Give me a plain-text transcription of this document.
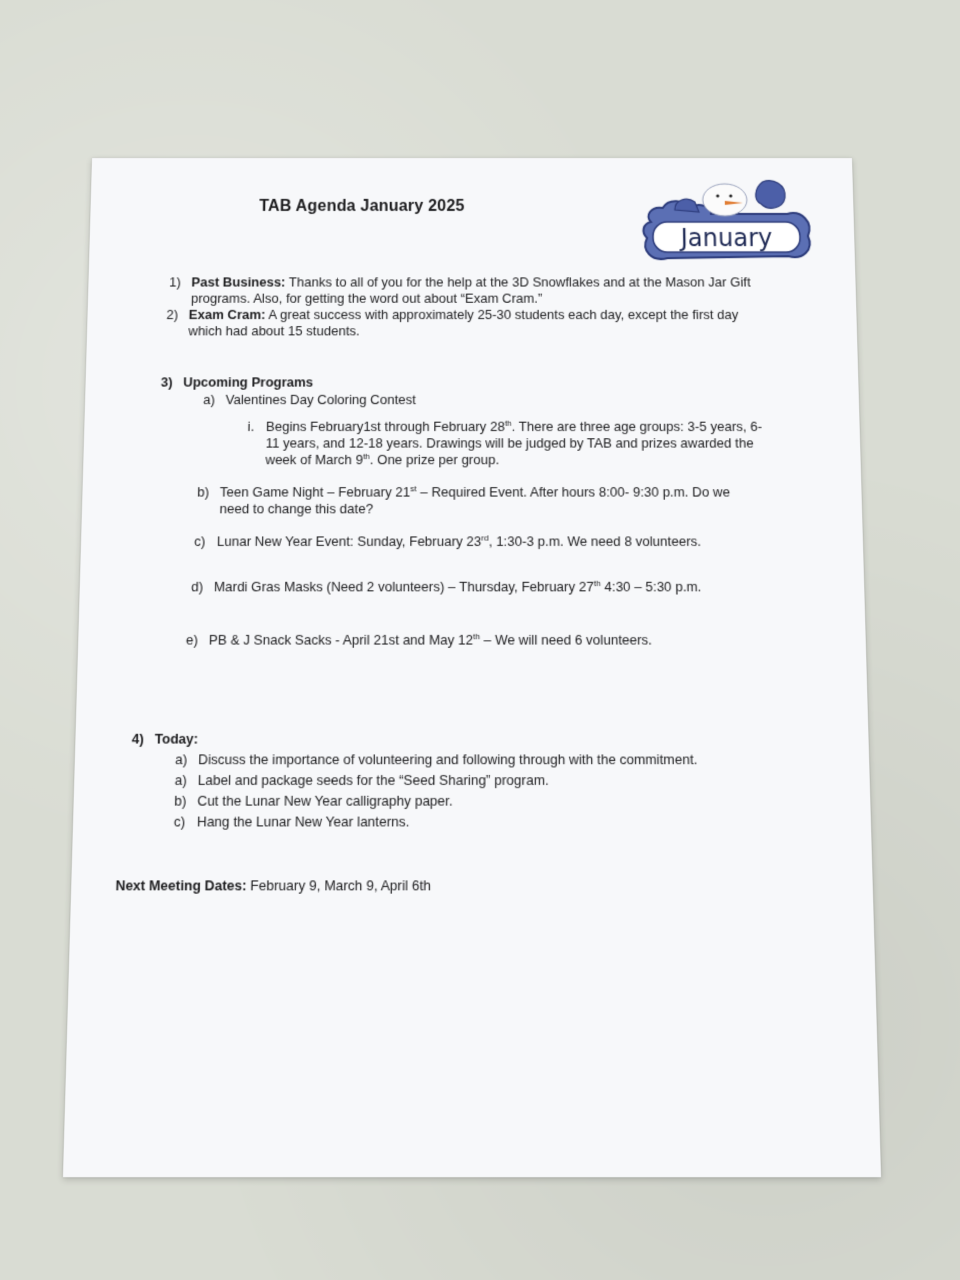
TAB Agenda January 2025
January
1) Past Business: Thanks to all of you for the help at the 3D Snowflakes and at the Mason Jar Gift
programs. Also, for getting the word out about “Exam Cram.”
2) Exam Cram: A great success with approximately 25-30 students each day, except the first day
which had about 15 students.
3) Upcoming Programs
a) Valentines Day Coloring Contest
i. Begins February1st through February 28th. There are three age groups: 3-5 years, 6-
11 years, and 12-18 years. Drawings will be judged by TAB and prizes awarded the
week of March 9th. One prize per group.
b) Teen Game Night – February 21st – Required Event. After hours 8:00- 9:30 p.m. Do we
need to change this date?
c) Lunar New Year Event: Sunday, February 23rd, 1:30-3 p.m. We need 8 volunteers.
d) Mardi Gras Masks (Need 2 volunteers) – Thursday, February 27th 4:30 – 5:30 p.m.
e) PB & J Snack Sacks - April 21st and May 12th – We will need 6 volunteers.
4) Today:
a) Discuss the importance of volunteering and following through with the commitment.
a) Label and package seeds for the “Seed Sharing” program.
b) Cut the Lunar New Year calligraphy paper.
c) Hang the Lunar New Year lanterns.
Next Meeting Dates: February 9, March 9, April 6th
